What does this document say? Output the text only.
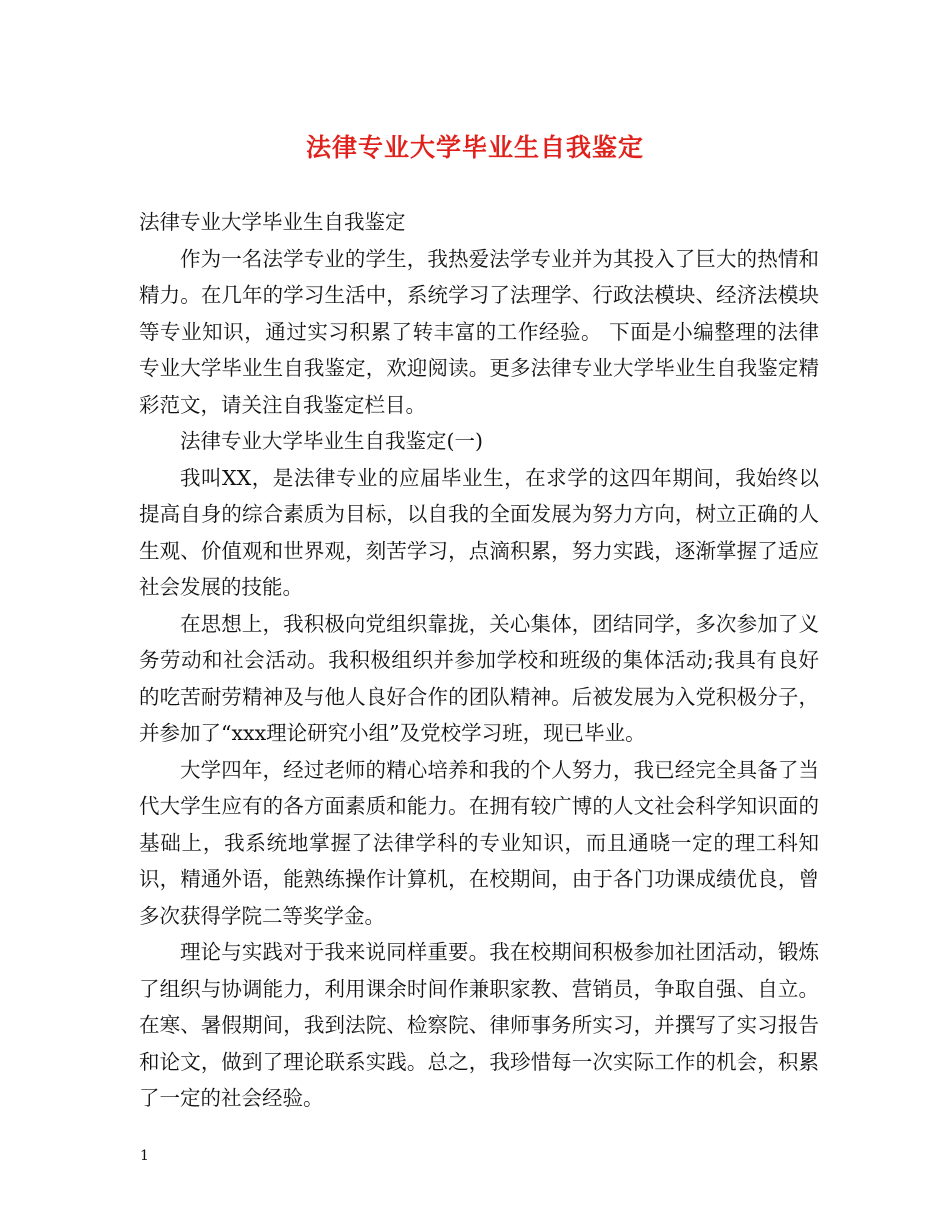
法律专业大学毕业生自我鉴定

法律专业大学毕业生自我鉴定

作为一名法学专业的学生，我热爱法学专业并为其投入了巨大的热情和精力。在几年的学习生活中，系统学习了法理学、行政法模块、经济法模块等专业知识，通过实习积累了转丰富的工作经验。 下面是小编整理的法律专业大学毕业生自我鉴定，欢迎阅读。更多法律专业大学毕业生自我鉴定精彩范文，请关注自我鉴定栏目。

法律专业大学毕业生自我鉴定(一)

我叫XX，是法律专业的应届毕业生，在求学的这四年期间，我始终以提高自身的综合素质为目标，以自我的全面发展为努力方向，树立正确的人生观、价值观和世界观，刻苦学习，点滴积累，努力实践，逐渐掌握了适应社会发展的技能。

在思想上，我积极向党组织靠拢，关心集体，团结同学，多次参加了义务劳动和社会活动。我积极组织并参加学校和班级的集体活动;我具有良好的吃苦耐劳精神及与他人良好合作的团队精神。后被发展为入党积极分子，并参加了“xxx理论研究小组”及党校学习班，现已毕业。

大学四年，经过老师的精心培养和我的个人努力，我已经完全具备了当代大学生应有的各方面素质和能力。在拥有较广博的人文社会科学知识面的基础上，我系统地掌握了法律学科的专业知识，而且通晓一定的理工科知识，精通外语，能熟练操作计算机，在校期间，由于各门功课成绩优良，曾多次获得学院二等奖学金。

理论与实践对于我来说同样重要。我在校期间积极参加社团活动，锻炼了组织与协调能力，利用课余时间作兼职家教、营销员，争取自强、自立。在寒、暑假期间，我到法院、检察院、律师事务所实习，并撰写了实习报告和论文，做到了理论联系实践。总之，我珍惜每一次实际工作的机会，积累了一定的社会经验。

1
